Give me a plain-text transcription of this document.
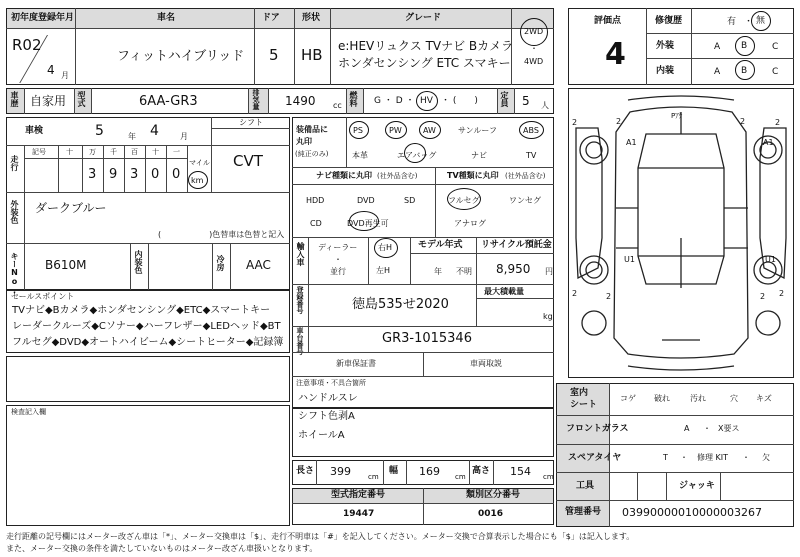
初年度登録年月	車名	ドア 形状	グレード
R02
4 月
フィットハイブリッド 5 HB e:HEVリュクス TVナビ Bカメラ
ホンダセンシング ETC スマキー
2WD
・
4WD
車歴 自家用 型式	6AA-GR3	排気量 1490 cc 燃料 G ・ D ・ HV ・ (　　)	定員 5 人
車検	5	年 4	月
シフト
CVT
走行
記号	十 万 千 百 十 一
3 9 3 0 0
マイル
km
外装色 ダークブルー
(　　　　　　)色替車は色替と記入
キーNo. B610M	内装色	冷房 AAC
セールスポイント
TVナビ◆Bカメラ◆ホンダセンシング◆ETC◆スマートキー
レーダークルーズ◆Cソナー◆ハーフレザー◆LEDヘッド◆BT
フルセグ◆DVD◆オートハイビーム◆シートヒーター◆記録簿
検査記入欄
装備品に
丸印
(純正のみ)
PS	PW	AW	サンルーフ	ABS
本革	エアバッグ	ナビ	TV
ナビ種類に丸印 (社外品含む)	TV種類に丸印 (社外品含む)
HDD	DVD	SD
CD	DVD再生可
フルセグ	ワンセグ
アナログ
輸入車 ディーラー
・
並行
右H
左H
モデル年式
年 不明
リサイクル預託金
8,950 円
登録番号	徳島535せ2020
最大積載量
kg
車台番号	GR3-1015346
新車保証書	車両取説
注意事項・不具合箇所
ハンドルスレ
シフト色剥A
ホイールA
長さ 399 cm
幅 169 cm
高さ 154 cm
型式指定番号	類別区分番号
19447	0016
評価点
4
修復歴	有 ・ 無
外装	A B	C
内装	A B	C
2	2	2	2
2	2	2 2
Pｱｹ
A1	A1
U1	U1
室内
シート
コゲ 破れ	汚れ	穴 キズ
フロントガラス	A ・ X要ス
スペアタイヤ	T ・ 修理 KIT ・ 欠
工具	ジャッキ
管理番号 03990000010000003267
走行距離の記号欄にはメーター改ざん車は「*」、メーター交換車は「$」、走行不明車は「#」を記入してください。メーター交換で合算表示した場合にも「$」は記入します。
また、メーター交換の条件を満たしていないものはメーター改ざん車扱いとなります。
